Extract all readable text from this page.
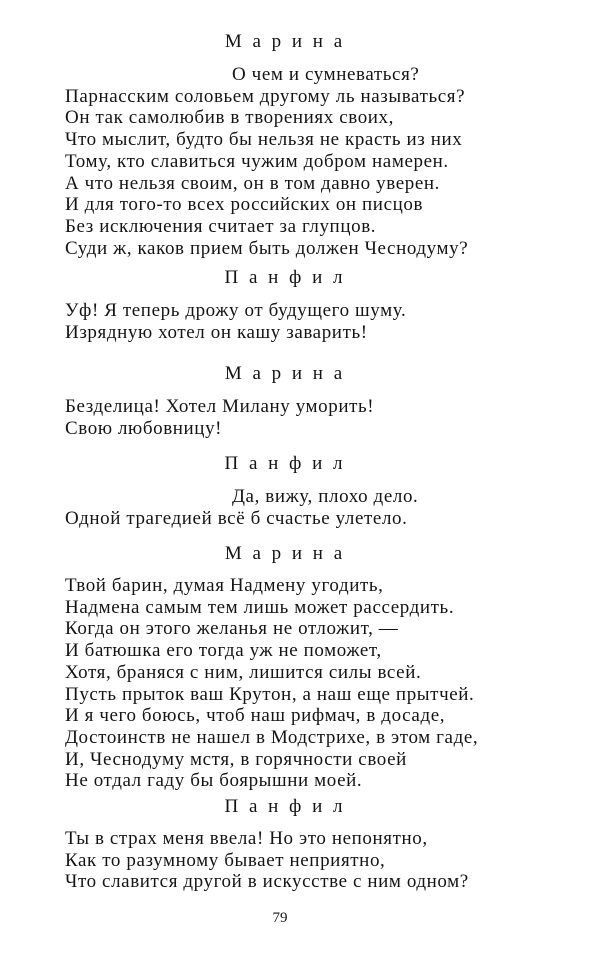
М а р и н а
О чем и сумневаться?
Парнасским соловьем другому ль называться?
Он так самолюбив в творениях своих,
Что мыслит, будто бы нельзя не красть из них
Тому, кто славиться чужим добром намерен.
А что нельзя своим, он в том давно уверен.
И для того-то всех российских он писцов
Без исключения считает за глупцов.
Суди ж, каков прием быть должен Чеснодуму?
П а н ф и л
Уф! Я теперь дрожу от будущего шуму.
Изрядную хотел он кашу заварить!
М а р и н а
Безделица! Хотел Милану уморить!
Свою любовницу!
П а н ф и л
Да, вижу, плохо дело.
Одной трагедией всё б счастье улетело.
М а р и н а
Твой барин, думая Надмену угодить,
Надмена самым тем лишь может рассердить.
Когда он этого желанья не отложит, —
И батюшка его тогда уж не поможет,
Хотя, браняся с ним, лишится силы всей.
Пусть прыток ваш Крутон, а наш еще прытчей.
И я чего боюсь, чтоб наш рифмач, в досаде,
Достоинств не нашел в Модстрихе, в этом гаде,
И, Чеснодуму мстя, в горячности своей
Не отдал гаду бы боярышни моей.
П а н ф и л
Ты в страх меня ввела! Но это непонятно,
Как то разумному бывает неприятно,
Что славится другой в искусстве с ним одном?
79
